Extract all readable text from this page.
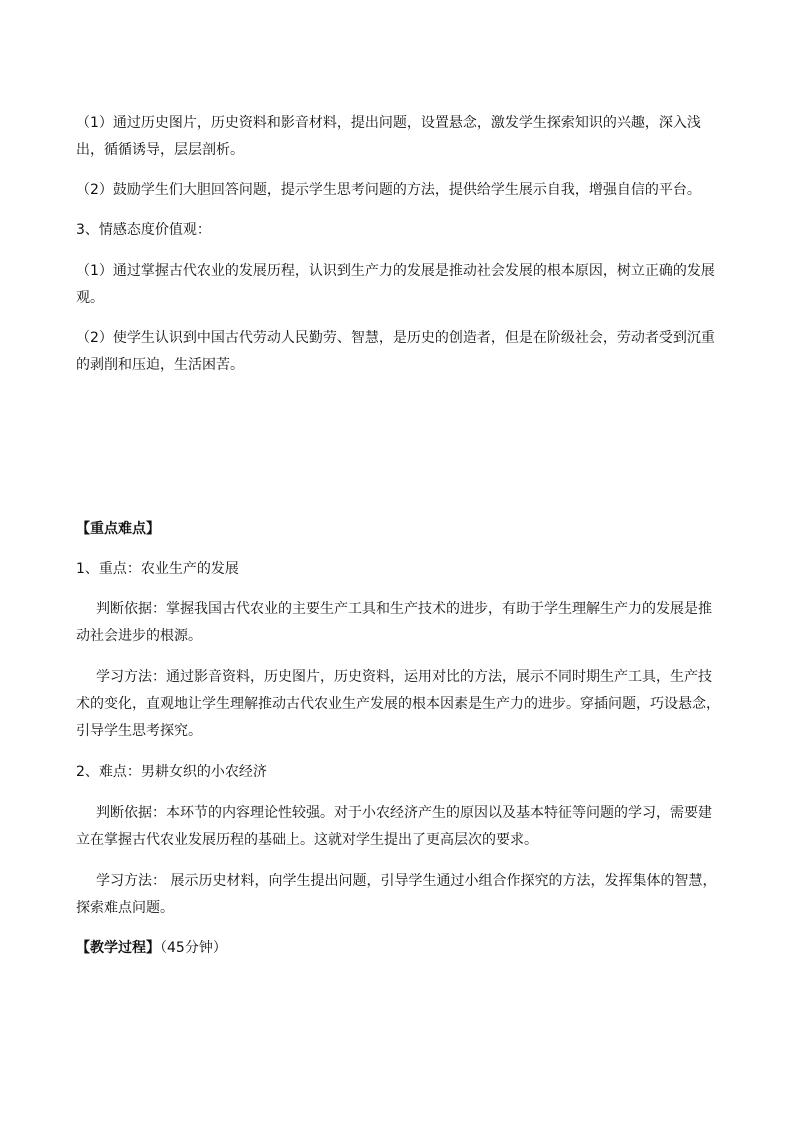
（1）通过历史图片，历史资料和影音材料，提出问题，设置悬念，激发学生探索知识的兴趣，深入浅出，循循诱导，层层剖析。

（2）鼓励学生们大胆回答问题，提示学生思考问题的方法，提供给学生展示自我，增强自信的平台。

3、情感态度价值观：

（1）通过掌握古代农业的发展历程，认识到生产力的发展是推动社会发展的根本原因，树立正确的发展观。

（2）使学生认识到中国古代劳动人民勤劳、智慧，是历史的创造者，但是在阶级社会，劳动者受到沉重的剥削和压迫，生活困苦。

【重点难点】

1、重点：农业生产的发展

判断依据：掌握我国古代农业的主要生产工具和生产技术的进步，有助于学生理解生产力的发展是推动社会进步的根源。

学习方法：通过影音资料，历史图片，历史资料，运用对比的方法，展示不同时期生产工具，生产技术的变化，直观地让学生理解推动古代农业生产发展的根本因素是生产力的进步。穿插问题，巧设悬念，引导学生思考探究。

2、难点：男耕女织的小农经济

判断依据：本环节的内容理论性较强。对于小农经济产生的原因以及基本特征等问题的学习，需要建立在掌握古代农业发展历程的基础上。这就对学生提出了更高层次的要求。

学习方法： 展示历史材料，向学生提出问题，引导学生通过小组合作探究的方法，发挥集体的智慧，探索难点问题。

【教学过程】（45分钟）
